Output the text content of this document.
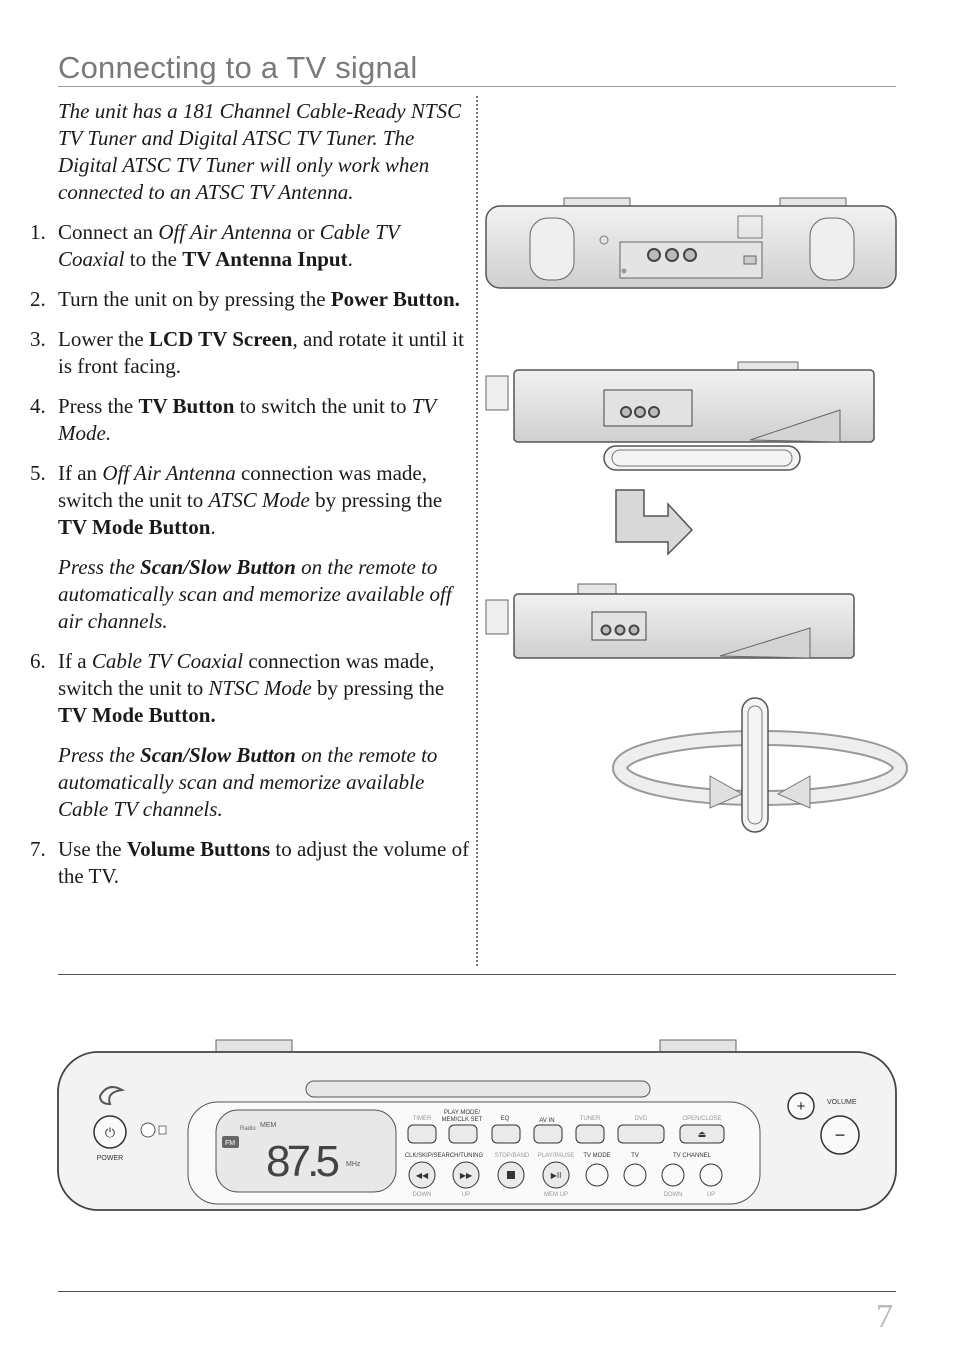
Connecting to a TV signal
The unit has a 181 Channel Cable-Ready NTSC TV Tuner and Digital ATSC TV Tuner. The Digital ATSC TV Tuner will only work when connected to an ATSC TV Antenna.
1. Connect an Off Air Antenna or Cable TV Coaxial to the TV Antenna Input.
2. Turn the unit on by pressing the Power Button.
3. Lower the LCD TV Screen, and rotate it until it is front facing.
4. Press the TV Button to switch the unit to TV Mode.
5. If an Off Air Antenna connection was made, switch the unit to ATSC Mode by pressing the TV Mode Button.
Press the Scan/Slow Button on the remote to automatically scan and memorize available off air channels.
6. If a Cable TV Coaxial connection was made, switch the unit to NTSC Mode by pressing the TV Mode Button.
Press the Scan/Slow Button on the remote to automatically scan and memorize available Cable TV channels.
7. Use the Volume Buttons to adjust the volume of the TV.
⏻
POWER
FM
Radio MEM
87.5 MHz
TIMER
PLAY MODE/
MEM/CLK SET	EQ	AV IN	TUNER	DVD	OPEN/CLOSE
⏏
CLK/SKIP/SEARCH/TUNING STOP/BAND PLAY/PAUSE TV MODE	TV	TV CHANNEL
◀◀	▶▶	▶II
DOWN	UP	MEM UP	DOWN	UP
+	VOLUME
−
7
